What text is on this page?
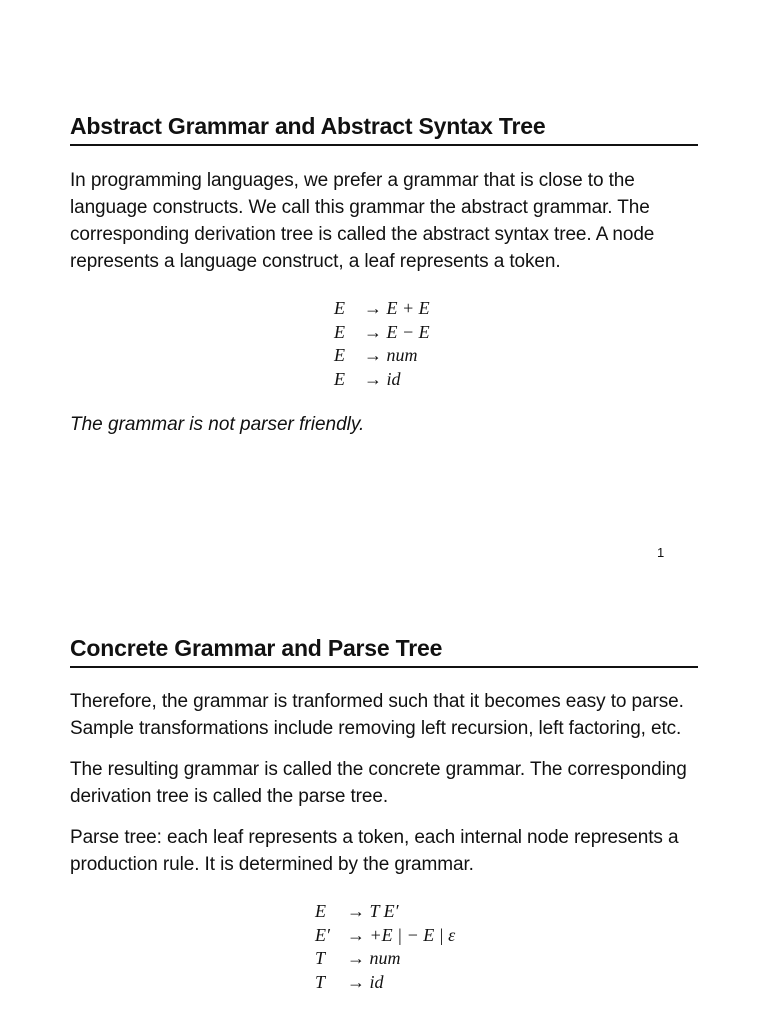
Abstract Grammar and Abstract Syntax Tree

In programming languages, we prefer a grammar that is close to the language constructs. We call this grammar the abstract grammar. The corresponding derivation tree is called the abstract syntax tree. A node represents a language construct, a leaf represents a token.

E	→ E + E
E	→ E − E
E	→ num
E	→ id

The grammar is not parser friendly.

1
Concrete Grammar and Parse Tree

Therefore, the grammar is tranformed such that it becomes easy to parse. Sample transformations include removing left recursion, left factoring, etc.

The resulting grammar is called the concrete grammar. The corresponding derivation tree is called the parse tree.

Parse tree: each leaf represents a token, each internal node represents a production rule. It is determined by the grammar.

E	→ T E′
E′ → +E | − E | ε
T	→ num
T	→ id
